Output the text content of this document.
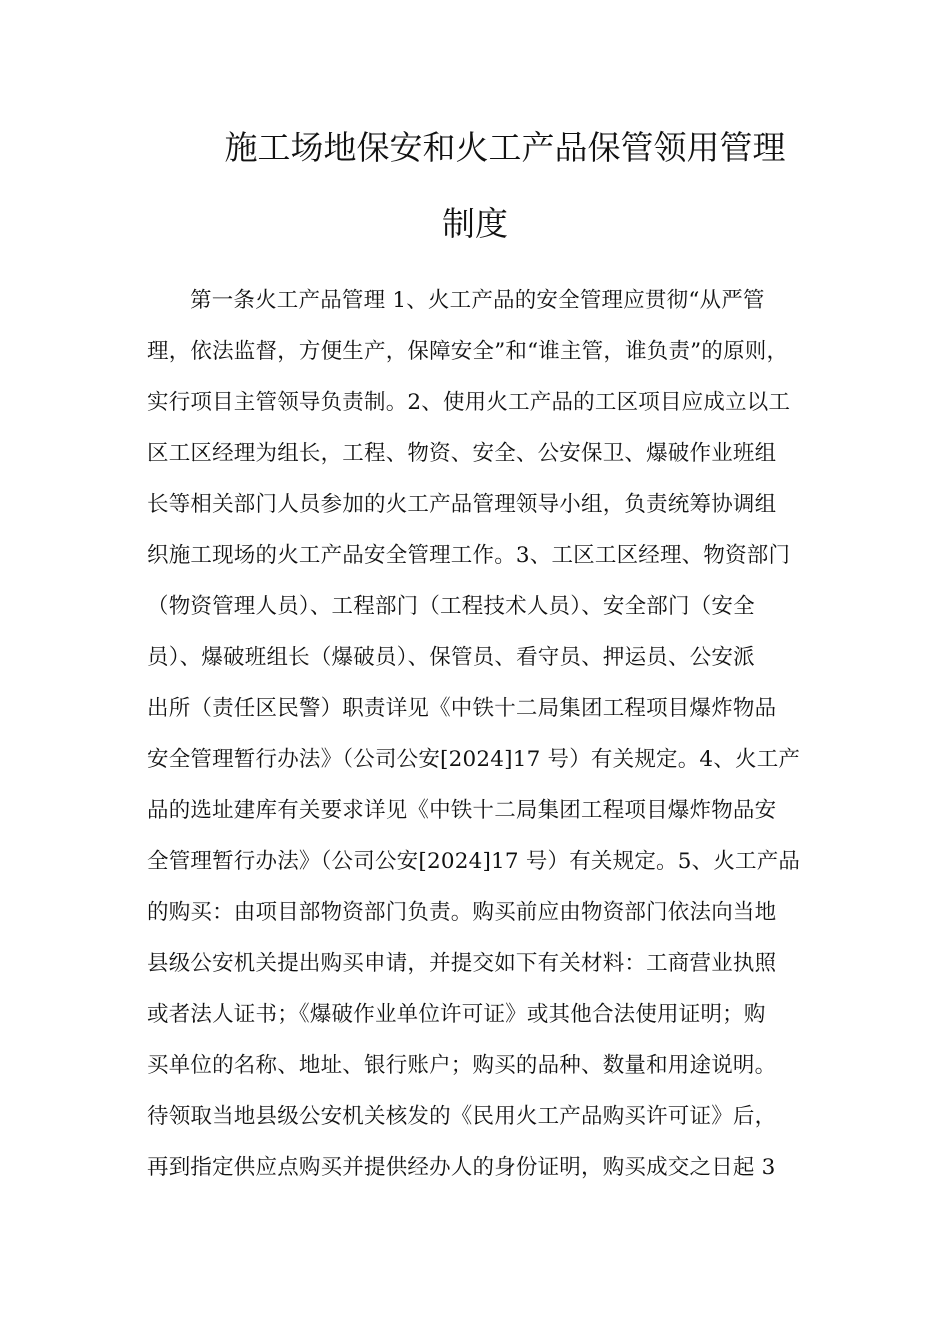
施工场地保安和火工产品保管领用管理
制度
第一条火工产品管理 1、火工产品的安全管理应贯彻“从严管
理，依法监督，方便生产，保障安全”和“谁主管，谁负责”的原则，
实行项目主管领导负责制。2、使用火工产品的工区项目应成立以工
区工区经理为组长，工程、物资、安全、公安保卫、爆破作业班组
长等相关部门人员参加的火工产品管理领导小组，负责统筹协调组
织施工现场的火工产品安全管理工作。3、工区工区经理、物资部门
（物资管理人员）、工程部门（工程技术人员）、安全部门（安全
员）、爆破班组长（爆破员）、保管员、看守员、押运员、公安派
出所（责任区民警）职责详见《中铁十二局集团工程项目爆炸物品
安全管理暂行办法》（公司公安[2024]17 号）有关规定。4、火工产
品的选址建库有关要求详见《中铁十二局集团工程项目爆炸物品安
全管理暂行办法》（公司公安[2024]17 号）有关规定。5、火工产品
的购买：由项目部物资部门负责。购买前应由物资部门依法向当地
县级公安机关提出购买申请，并提交如下有关材料：工商营业执照
或者法人证书；《爆破作业单位许可证》或其他合法使用证明；购
买单位的名称、地址、银行账户；购买的品种、数量和用途说明。
待领取当地县级公安机关核发的《民用火工产品购买许可证》后，
再到指定供应点购买并提供经办人的身份证明，购买成交之日起 3
